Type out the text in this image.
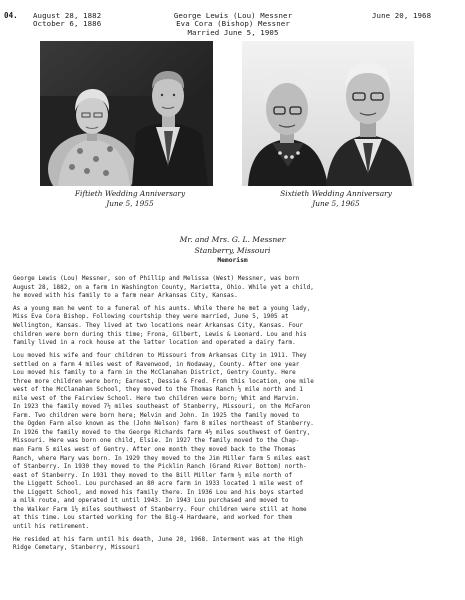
04. August 28, 1882
October 6, 1886
George Lewis (Lou) Messner
Eva Cora (Bishop) Messner
Married June 5, 1905
June 20, 1968
Fiftieth Wedding Anniversary
June 5, 1955
Sixtieth Wedding Anniversary
June 5, 1965
Mr. and Mrs. G. L. Messner
Stanberry, Missouri
Memorism

George Lewis (Lou) Messner, son of Phillip and Melissa (West) Messner, was born
August 28, 1882, on a farm in Washington County, Marietta, Ohio. While yet a child,
he moved with his family to a farm near Arkansas City, Kansas.

As a young man he went to a funeral of his aunts. While there he met a young lady,
Miss Eva Cora Bishop. Following courtship they were married, June 5, 1905 at
Wellington, Kansas. They lived at two locations near Arkansas City, Kansas. Four
children were born during this time; Frona, Gilbert, Lewis & Leonard. Lou and his
family lived in a rock house at the latter location and operated a dairy farm.

Lou moved his wife and four children to Missouri from Arkansas City in 1911. They
settled on a farm 4 miles west of Ravenwood, in Nodaway, County. After one year
Lou moved his family to a farm in the McClanahan District, Gentry County. Here
three more children were born; Earnest, Dessie & Fred. From this location, one mile
west of the McClanahan School, they moved to the Thomas Ranch ½ mile north and 1
mile west of the Fairview School. Here two children were born; Whit and Marvin.
In 1923 the family moved 7½ miles southeast of Stanberry, Missouri, on the McFaron
Farm. Two children were born here; Melvin and John. In 1925 the family moved to
the Ogden Farm also known as the (John Nelson) farm 8 miles northeast of Stanberry.
In 1926 the family moved to the George Richards farm 4½ miles southwest of Gentry,
Missouri. Here was born one child, Elsie. In 1927 the family moved to the Chap-
man Farm 5 miles west of Gentry. After one month they moved back to the Thomas
Ranch, where Mary was born. In 1929 they moved to the Jim Miller farm 5 miles east
of Stanberry. In 1930 they moved to the Picklin Ranch (Grand River Bottom) north-
east of Stanberry. In 1931 they moved to the Bill Miller farm ½ mile north of
the Liggett School. Lou purchased an 80 acre farm in 1933 located 1 mile west of
the Liggett School, and moved his family there. In 1936 Lou and his boys started
a milk route, and operated it until 1943. In 1943 Lou purchased and moved to
the Walker Farm 1½ miles southwest of Stanberry. Four children were still at home
at this time. Lou started working for the Big-4 Hardware, and worked for them
until his retirement.

He resided at his farm until his death, June 20, 1968. Interment was at the High
Ridge Cemetary, Stanberry, Missouri
